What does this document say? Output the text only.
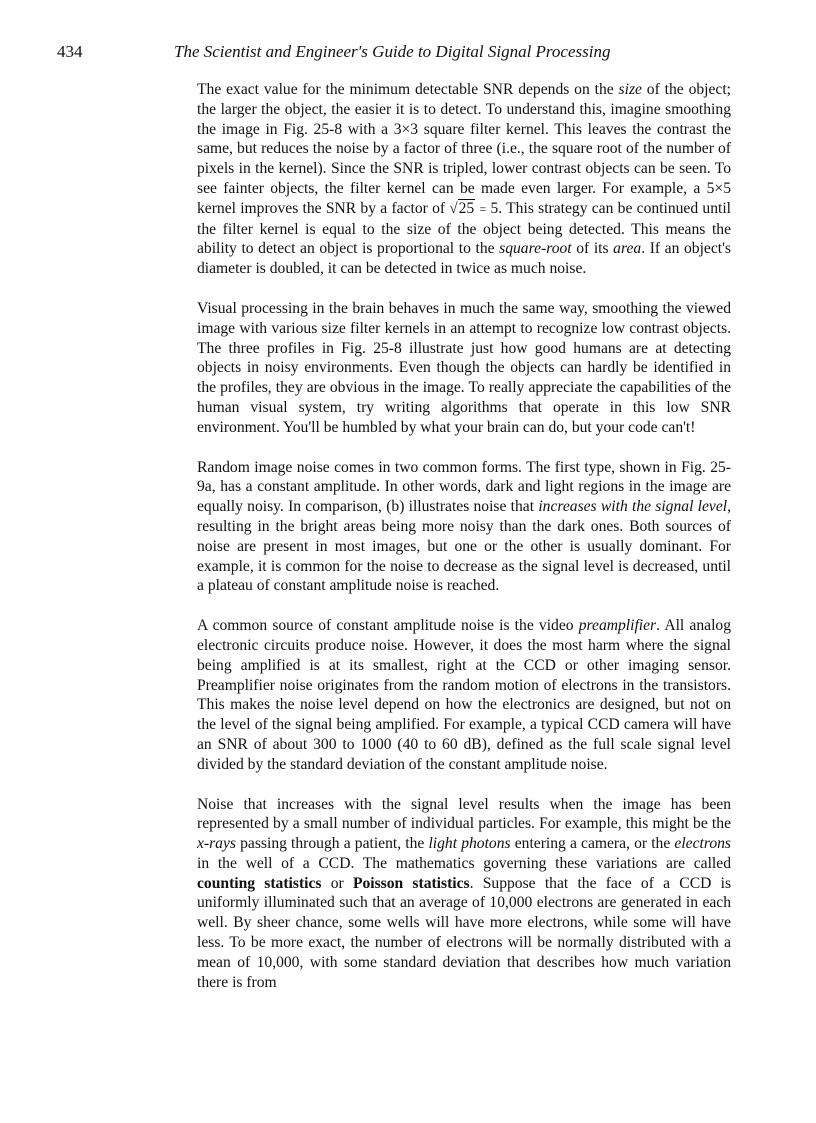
434	The Scientist and Engineer's Guide to Digital Signal Processing

The exact value for the minimum detectable SNR depends on the size of the object; the larger the object, the easier it is to detect. To understand this, imagine smoothing the image in Fig. 25-8 with a 3×3 square filter kernel. This leaves the contrast the same, but reduces the noise by a factor of three (i.e., the square root of the number of pixels in the kernel). Since the SNR is tripled, lower contrast objects can be seen. To see fainter objects, the filter kernel can be made even larger. For example, a 5×5 kernel improves the SNR by a factor of √25 = 5. This strategy can be continued until the filter kernel is equal to the size of the object being detected. This means the ability to detect an object is proportional to the square-root of its area. If an object's diameter is doubled, it can be detected in twice as much noise.

Visual processing in the brain behaves in much the same way, smoothing the viewed image with various size filter kernels in an attempt to recognize low contrast objects. The three profiles in Fig. 25-8 illustrate just how good humans are at detecting objects in noisy environments. Even though the objects can hardly be identified in the profiles, they are obvious in the image. To really appreciate the capabilities of the human visual system, try writing algorithms that operate in this low SNR environment. You'll be humbled by what your brain can do, but your code can't!

Random image noise comes in two common forms. The first type, shown in Fig. 25-9a, has a constant amplitude. In other words, dark and light regions in the image are equally noisy. In comparison, (b) illustrates noise that increases with the signal level, resulting in the bright areas being more noisy than the dark ones. Both sources of noise are present in most images, but one or the other is usually dominant. For example, it is common for the noise to decrease as the signal level is decreased, until a plateau of constant amplitude noise is reached.

A common source of constant amplitude noise is the video preamplifier. All analog electronic circuits produce noise. However, it does the most harm where the signal being amplified is at its smallest, right at the CCD or other imaging sensor. Preamplifier noise originates from the random motion of electrons in the transistors. This makes the noise level depend on how the electronics are designed, but not on the level of the signal being amplified. For example, a typical CCD camera will have an SNR of about 300 to 1000 (40 to 60 dB), defined as the full scale signal level divided by the standard deviation of the constant amplitude noise.

Noise that increases with the signal level results when the image has been represented by a small number of individual particles. For example, this might be the x-rays passing through a patient, the light photons entering a camera, or the electrons in the well of a CCD. The mathematics governing these variations are called counting statistics or Poisson statistics. Suppose that the face of a CCD is uniformly illuminated such that an average of 10,000 electrons are generated in each well. By sheer chance, some wells will have more electrons, while some will have less. To be more exact, the number of electrons will be normally distributed with a mean of 10,000, with some standard deviation that describes how much variation there is from
